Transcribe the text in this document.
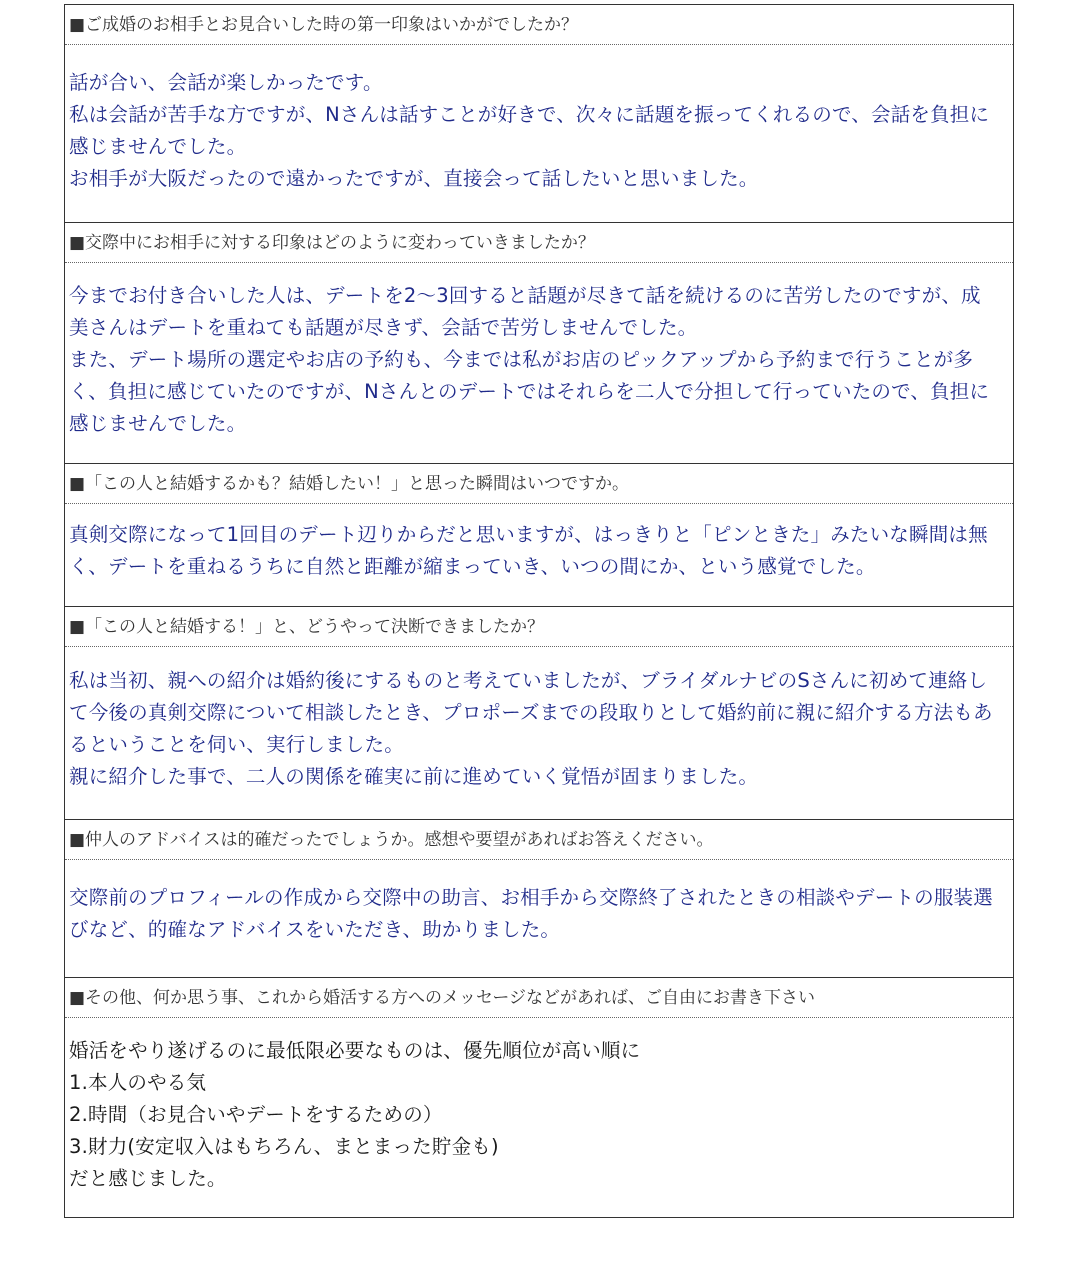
■ご成婚のお相手とお見合いした時の第一印象はいかがでしたか？
話が合い、会話が楽しかったです。
私は会話が苦手な方ですが、Nさんは話すことが好きで、次々に話題を振ってくれるので、会話を負担に
感じませんでした。
お相手が大阪だったので遠かったですが、直接会って話したいと思いました。
■交際中にお相手に対する印象はどのように変わっていきましたか？
今までお付き合いした人は、デートを2～3回すると話題が尽きて話を続けるのに苦労したのですが、成
美さんはデートを重ねても話題が尽きず、会話で苦労しませんでした。
また、デート場所の選定やお店の予約も、今までは私がお店のピックアップから予約まで行うことが多
く、負担に感じていたのですが、Nさんとのデートではそれらを二人で分担して行っていたので、負担に
感じませんでした。
■「この人と結婚するかも？結婚したい！」と思った瞬間はいつですか。
真剣交際になって1回目のデート辺りからだと思いますが、はっきりと「ピンときた」みたいな瞬間は無
く、デートを重ねるうちに自然と距離が縮まっていき、いつの間にか、という感覚でした。
■「この人と結婚する！」と、どうやって決断できましたか？
私は当初、親への紹介は婚約後にするものと考えていましたが、ブライダルナビのSさんに初めて連絡し
て今後の真剣交際について相談したとき、プロポーズまでの段取りとして婚約前に親に紹介する方法もあ
るということを伺い、実行しました。
親に紹介した事で、二人の関係を確実に前に進めていく覚悟が固まりました。
■仲人のアドバイスは的確だったでしょうか。感想や要望があればお答えください。
交際前のプロフィールの作成から交際中の助言、お相手から交際終了されたときの相談やデートの服装選
びなど、的確なアドバイスをいただき、助かりました。
■その他、何か思う事、これから婚活する方へのメッセージなどがあれば、ご自由にお書き下さい
婚活をやり遂げるのに最低限必要なものは、優先順位が高い順に
1.本人のやる気
2.時間（お見合いやデートをするための）
3.財力(安定収入はもちろん、まとまった貯金も)
だと感じました。
